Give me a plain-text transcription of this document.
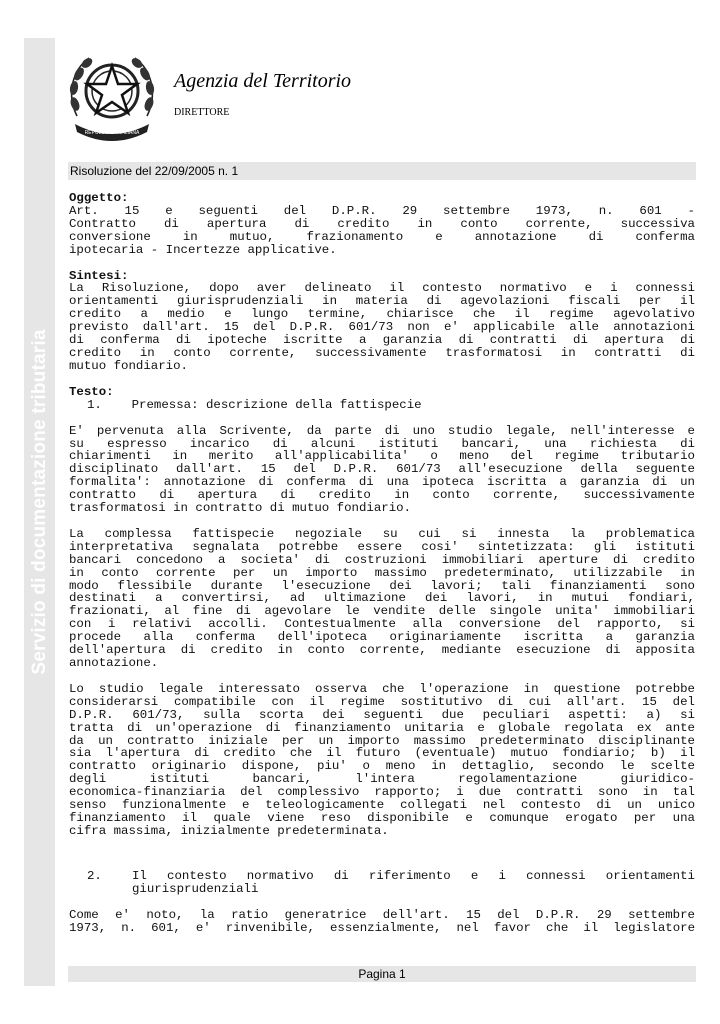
Servizio di documentazione tributaria
REPUBBLICA ITALIANA
Agenzia del Territorio
DIRETTORE
Risoluzione del 22/09/2005 n. 1

Oggetto:

Art. 15 e seguenti del D.P.R. 29 settembre 1973, n. 601 -

Contratto di apertura di credito in conto corrente, successiva

conversione in mutuo, frazionamento e annotazione di conferma

ipotecaria - Incertezze applicative.

Sintesi:

La Risoluzione, dopo aver delineato il contesto normativo e i connessi

orientamenti giurisprudenziali in materia di agevolazioni fiscali per il

credito a medio e lungo termine, chiarisce che il regime agevolativo

previsto dall'art. 15 del D.P.R. 601/73 non e' applicabile alle annotazioni

di conferma di ipoteche iscritte a garanzia di contratti di apertura di

credito in conto corrente, successivamente trasformatosi in contratti di

mutuo fondiario.

Testo:

1.    Premessa: descrizione della fattispecie

E' pervenuta alla Scrivente, da parte di uno studio legale, nell'interesse e

su espresso incarico di alcuni istituti bancari, una richiesta di

chiarimenti in merito all'applicabilita' o meno del regime tributario

disciplinato dall'art. 15 del D.P.R. 601/73 all'esecuzione della seguente

formalita': annotazione di conferma di una ipoteca iscritta a garanzia di un

contratto di apertura di credito in conto corrente, successivamente

trasformatosi in contratto di mutuo fondiario.

La complessa fattispecie negoziale su cui si innesta la problematica

interpretativa segnalata potrebbe essere cosi' sintetizzata: gli istituti

bancari concedono a societa' di costruzioni immobiliari aperture di credito

in conto corrente per un importo massimo predeterminato, utilizzabile in

modo flessibile durante l'esecuzione dei lavori; tali finanziamenti sono

destinati a convertirsi, ad ultimazione dei lavori, in mutui fondiari,

frazionati, al fine di agevolare le vendite delle singole unita' immobiliari

con i relativi accolli. Contestualmente alla conversione del rapporto, si

procede alla conferma dell'ipoteca originariamente iscritta a garanzia

dell'apertura di credito in conto corrente, mediante esecuzione di apposita

annotazione.

Lo studio legale interessato osserva che l'operazione in questione potrebbe

considerarsi compatibile con il regime sostitutivo di cui all'art. 15 del

D.P.R. 601/73, sulla scorta dei seguenti due peculiari aspetti: a) si

tratta di un'operazione di finanziamento unitaria e globale regolata ex ante

da un contratto iniziale per un importo massimo predeterminato disciplinante

sia l'apertura di credito che il futuro (eventuale) mutuo fondiario; b) il

contratto originario dispone, piu' o meno in dettaglio, secondo le scelte

degli istituti bancari, l'intera regolamentazione giuridico-

economica-finanziaria del complessivo rapporto; i due contratti sono in tal

senso funzionalmente e teleologicamente collegati nel contesto di un unico

finanziamento il quale viene reso disponibile e comunque erogato per una

cifra massima, inizialmente predeterminata.

2.	Il contesto normativo di riferimento e i connessi orientamenti

giurisprudenziali

Come e' noto, la ratio generatrice dell'art. 15 del D.P.R. 29 settembre

1973, n. 601, e' rinvenibile, essenzialmente, nel favor che il legislatore

Pagina 1
